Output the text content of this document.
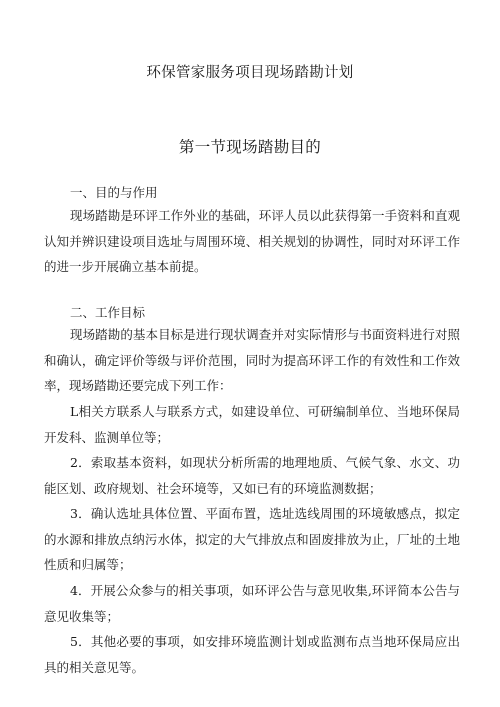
环保管家服务项目现场踏勘计划
第一节现场踏勘目的
一、目的与作用
现场踏勘是环评工作外业的基础，环评人员以此获得第一手资料和直观认知并辨识建设项目选址与周围环境、相关规划的协调性，同时对环评工作的进一步开展确立基本前提。
二、工作目标
现场踏勘的基本目标是进行现状调查并对实际情形与书面资料进行对照和确认，确定评价等级与评价范围，同时为提高环评工作的有效性和工作效率，现场踏勘还要完成下列工作：
L相关方联系人与联系方式，如建设单位、可研编制单位、当地环保局开发科、监测单位等；
2．索取基本资料，如现状分析所需的地理地质、气候气象、水文、功能区划、政府规划、社会环境等，又如已有的环境监测数据；
3．确认选址具体位置、平面布置，选址选线周围的环境敏感点，拟定的水源和排放点纳污水体，拟定的大气排放点和固废排放为止，厂址的土地性质和归属等；
4．开展公众参与的相关事项，如环评公告与意见收集,环评简本公告与意见收集等；
5．其他必要的事项，如安排环境监测计划或监测布点当地环保局应出具的相关意见等。
